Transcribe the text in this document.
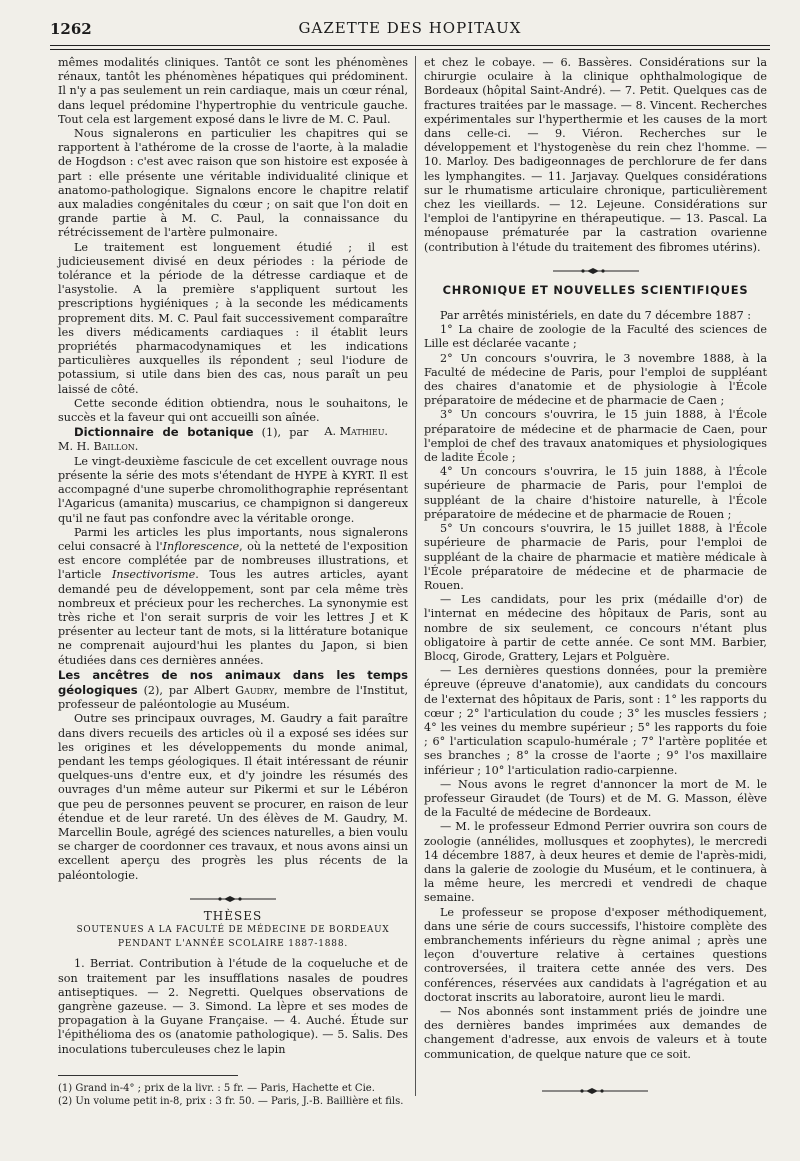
1262	GAZETTE DES HOPITAUX

mêmes modalités cliniques. Tantôt ce sont les phénomènes rénaux, tantôt les phénomènes hépatiques qui prédominent. Il n'y a pas seulement un rein cardiaque, mais un cœur rénal, dans lequel prédomine l'hypertrophie du ventricule gauche. Tout cela est largement exposé dans le livre de M. C. Paul.

Nous signalerons en particulier les chapitres qui se rapportent à l'athérome de la crosse de l'aorte, à la maladie de Hogdson : c'est avec raison que son histoire est exposée à part : elle présente une véritable individualité clinique et anatomo-pathologique. Signalons encore le chapitre relatif aux maladies congénitales du cœur ; on sait que l'on doit en grande partie à M. C. Paul, la connaissance du rétrécissement de l'artère pulmonaire.

Le traitement est longuement étudié ; il est judicieusement divisé en deux périodes : la période de tolérance et la période de la détresse cardiaque et de l'asystolie. A la première s'appliquent surtout les prescriptions hygiéniques ; à la seconde les médicaments proprement dits. M. C. Paul fait successivement comparaître les divers médicaments cardiaques : il établit leurs propriétés pharmacodynamiques et les indications particulières auxquelles ils répondent ; seul l'iodure de potassium, si utile dans bien des cas, nous paraît un peu laissé de côté.

Cette seconde édition obtiendra, nous le souhaitons, le succès et la faveur qui ont accueilli son aînée.
A. Mathieu.

Dictionnaire de botanique (1), par M. H. Baillon.

Le vingt-deuxième fascicule de cet excellent ouvrage nous présente la série des mots s'étendant de HYPE à KYRT. Il est accompagné d'une superbe chromolithographie représentant l'Agaricus (amanita) muscarius, ce champignon si dangereux qu'il ne faut pas confondre avec la véritable oronge.

Parmi les articles les plus importants, nous signalerons celui consacré à l'Inflorescence, où la netteté de l'exposition est encore complétée par de nombreuses illustrations, et l'article Insectivorisme. Tous les autres articles, ayant demandé peu de développement, sont par cela même très nombreux et précieux pour les recherches. La synonymie est très riche et l'on serait surpris de voir les lettres J et K présenter au lecteur tant de mots, si la littérature botanique ne comprenait aujourd'hui les plantes du Japon, si bien étudiées dans ces dernières années.

Les ancêtres de nos animaux dans les temps géologiques (2), par Albert Gaudry, membre de l'Institut, professeur de paléontologie au Muséum.

Outre ses principaux ouvrages, M. Gaudry a fait paraître dans divers recueils des articles où il a exposé ses idées sur les origines et les développements du monde animal, pendant les temps géologiques. Il était intéressant de réunir quelques-uns d'entre eux, et d'y joindre les résumés des ouvrages d'un même auteur sur Pikermi et sur le Lébéron que peu de personnes peuvent se procurer, en raison de leur étendue et de leur rareté. Un des élèves de M. Gaudry, M. Marcellin Boule, agrégé des sciences naturelles, a bien voulu se charger de coordonner ces travaux, et nous avons ainsi un excellent aperçu des progrès les plus récents de la paléontologie.

THÈSES
SOUTENUES A LA FACULTÉ DE MÉDECINE DE BORDEAUX
PENDANT L'ANNÉE SCOLAIRE 1887-1888.

1. Berriat. Contribution à l'étude de la coqueluche et de son traitement par les insufflations nasales de poudres antiseptiques. — 2. Negretti. Quelques observations de gangrène gazeuse. — 3. Simond. La lèpre et ses modes de propagation à la Guyane Française. — 4. Auché. Étude sur l'épithélioma des os (anatomie pathologique). — 5. Salis. Des inoculations tuberculeuses chez le lapin

et chez le cobaye. — 6. Bassères. Considérations sur la chirurgie oculaire à la clinique ophthalmologique de Bordeaux (hôpital Saint-André). — 7. Petit. Quelques cas de fractures traitées par le massage. — 8. Vincent. Recherches expérimentales sur l'hyperthermie et les causes de la mort dans celle-ci. — 9. Viéron. Recherches sur le développement et l'hystogenèse du rein chez l'homme. — 10. Marloy. Des badigeonnages de perchlorure de fer dans les lymphangites. — 11. Jarjavay. Quelques considérations sur le rhumatisme articulaire chronique, particulièrement chez les vieillards. — 12. Lejeune. Considérations sur l'emploi de l'antipyrine en thérapeutique. — 13. Pascal. La ménopause prématurée par la castration ovarienne (contribution à l'étude du traitement des fibromes utérins).

CHRONIQUE ET NOUVELLES SCIENTIFIQUES

Par arrêtés ministériels, en date du 7 décembre 1887 :

1° La chaire de zoologie de la Faculté des sciences de Lille est déclarée vacante ;

2° Un concours s'ouvrira, le 3 novembre 1888, à la Faculté de médecine de Paris, pour l'emploi de suppléant des chaires d'anatomie et de physiologie à l'École préparatoire de médecine et de pharmacie de Caen ;

3° Un concours s'ouvrira, le 15 juin 1888, à l'École préparatoire de médecine et de pharmacie de Caen, pour l'emploi de chef des travaux anatomiques et physiologiques de ladite École ;

4° Un concours s'ouvrira, le 15 juin 1888, à l'École supérieure de pharmacie de Paris, pour l'emploi de suppléant de la chaire d'histoire naturelle, à l'École préparatoire de médecine et de pharmacie de Rouen ;

5° Un concours s'ouvrira, le 15 juillet 1888, à l'École supérieure de pharmacie de Paris, pour l'emploi de suppléant de la chaire de pharmacie et matière médicale à l'École préparatoire de médecine et de pharmacie de Rouen.

— Les candidats, pour les prix (médaille d'or) de l'internat en médecine des hôpitaux de Paris, sont au nombre de six seulement, ce concours n'étant plus obligatoire à partir de cette année. Ce sont MM. Barbier, Blocq, Girode, Grattery, Lejars et Polguère.

— Les dernières questions données, pour la première épreuve (épreuve d'anatomie), aux candidats du concours de l'externat des hôpitaux de Paris, sont : 1° les rapports du cœur ; 2° l'articulation du coude ; 3° les muscles fessiers ; 4° les veines du membre supérieur ; 5° les rapports du foie ; 6° l'articulation scapulo-humérale ; 7° l'artère poplitée et ses branches ; 8° la crosse de l'aorte ; 9° l'os maxillaire inférieur ; 10° l'articulation radio-carpienne.

— Nous avons le regret d'annoncer la mort de M. le professeur Giraudet (de Tours) et de M. G. Masson, élève de la Faculté de médecine de Bordeaux.

— M. le professeur Edmond Perrier ouvrira son cours de zoologie (annélides, mollusques et zoophytes), le mercredi 14 décembre 1887, à deux heures et demie de l'après-midi, dans la galerie de zoologie du Muséum, et le continuera, à la même heure, les mercredi et vendredi de chaque semaine.

Le professeur se propose d'exposer méthodiquement, dans une série de cours successifs, l'histoire complète des embranchements inférieurs du règne animal ; après une leçon d'ouverture relative à certaines questions controversées, il traitera cette année des vers. Des conférences, réservées aux candidats à l'agrégation et au doctorat inscrits au laboratoire, auront lieu le mardi.

— Nos abonnés sont instamment priés de joindre une des dernières bandes imprimées aux demandes de changement d'adresse, aux envois de valeurs et à toute communication, de quelque nature que ce soit.

(1) Grand in-4° ; prix de la livr. : 5 fr. — Paris, Hachette et Cie.

(2) Un volume petit in-8, prix : 3 fr. 50. — Paris, J.-B. Baillière et fils.
